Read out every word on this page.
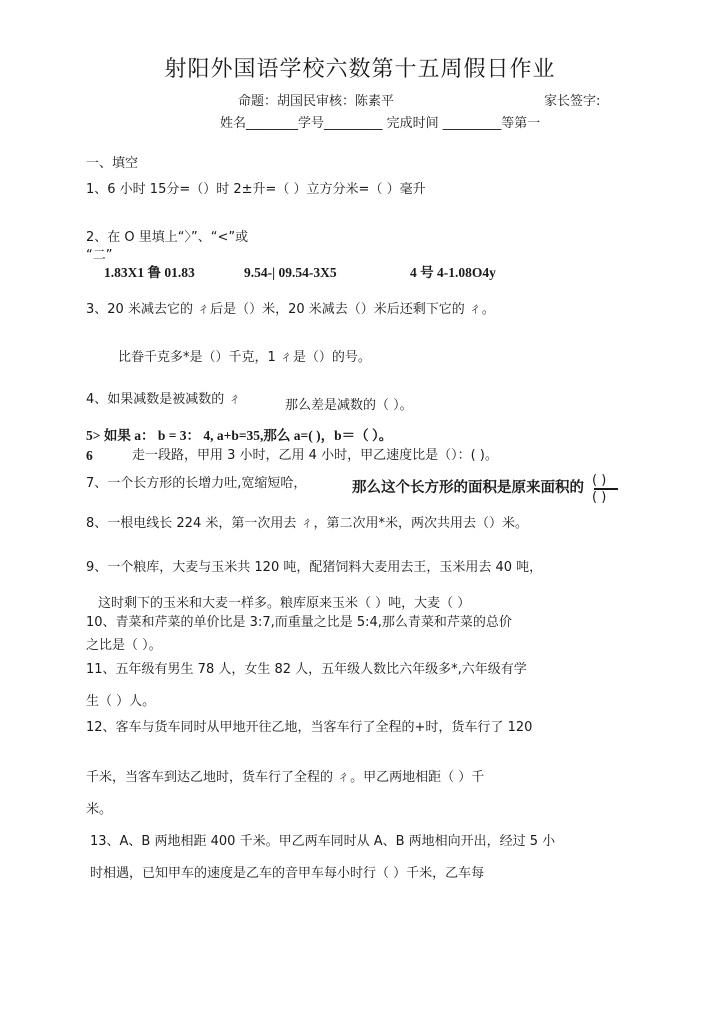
射阳外国语学校六数第十五周假日作业
命题：胡国民审核：陈素平	家长签字:
姓名________学号_________ 完成时间 _________等第一
一、填空
1、6 小时 15分=（）时 2±升=（ ）立方分米=（ ）毫升
2、在 O 里填上“〉”、“<”或
“二”
1.83X1 鲁 01.83	9.54-| 09.54-3X5	4 号 4-1.08O4y
3、20 米减去它的 ㄔ后是（）米，20 米减去（）米后还剩下它的 ㄔ。
比眷千克多*是（）千克，1 ㄔ是（）的号。
4、如果减数是被减数的 ㄔ	那么差是减数的（ ）。
5> 如果 a： b = 3： 4, a+b=35,那么 a=( )，b＝（ ）。
6	走一段路，甲用 3 小时，乙用 4 小时，甲乙速度比是（）：( )。
7、一个长方形的长增力吐,宽缩短哈，	那么这个长方形的面积是原来面积的 ( )
( )
8、一根电线长 224 米，第一次用去 ㄔ，第二次用*米，两次共用去（）米。
9、一个粮库，大麦与玉米共 120 吨，配猪饲料大麦用去王，玉米用去 40 吨，
这时剩下的玉米和大麦一样多。粮库原来玉米（ ）吨，大麦（ ）
10、青菜和芹菜的单价比是 3:7,而重量之比是 5:4,那么青菜和芹菜的总价
之比是（ ）。
11、五年级有男生 78 人，女生 82 人，五年级人数比六年级多*,六年级有学
生（ ）人。
12、客车与货车同时从甲地开往乙地，当客车行了全程的+时，货车行了 120
千米，当客车到达乙地时，货车行了全程的 ㄔ。甲乙两地相距（ ）千
米。
13、A、B 两地相距 400 千米。甲乙两车同时从 A、B 两地相向开出，经过 5 小
时相遇，已知甲车的速度是乙车的音甲车每小时行（ ）千米，乙车每
